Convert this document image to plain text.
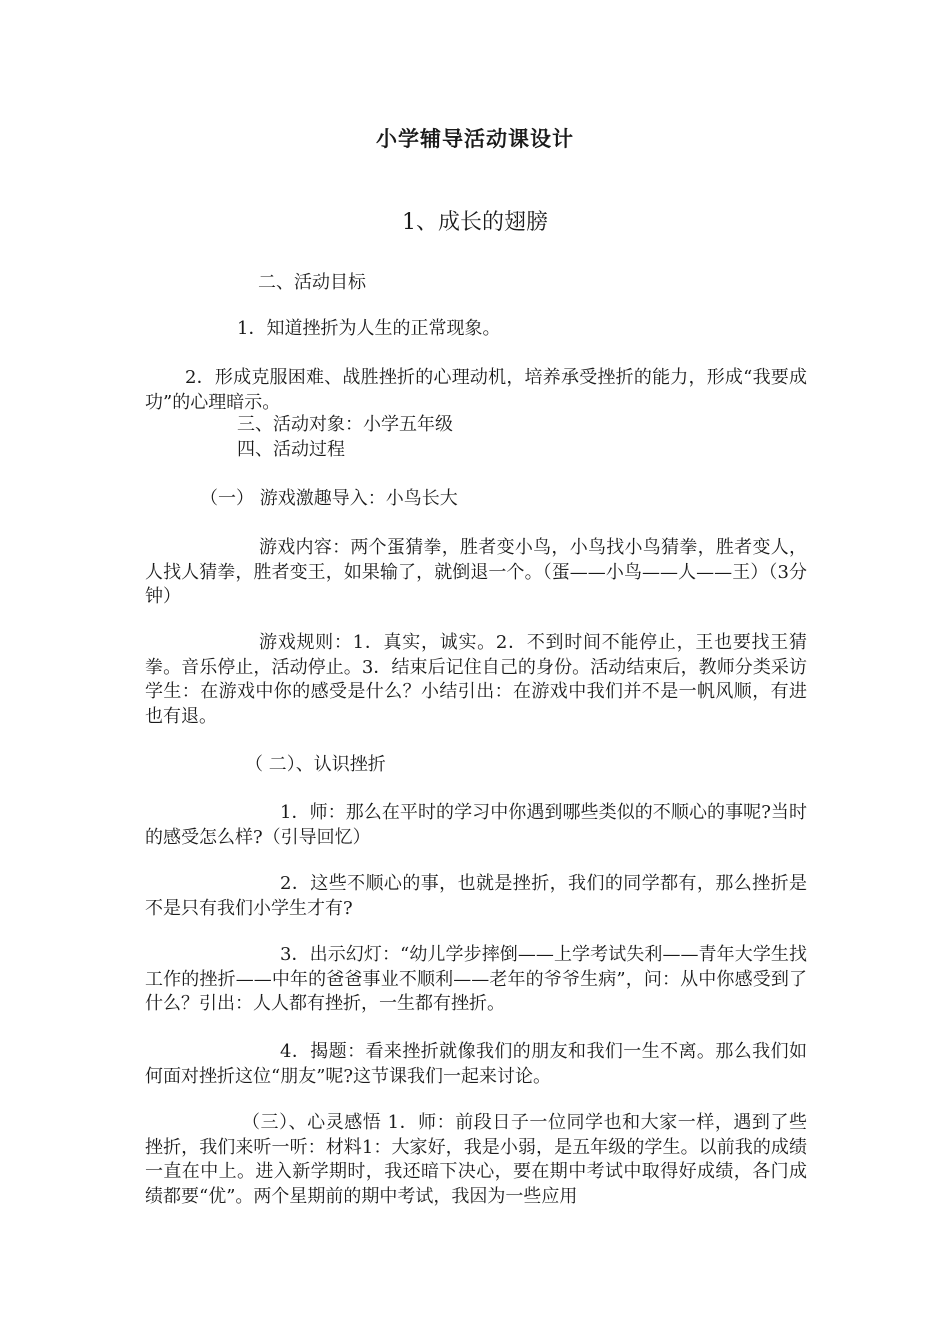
小学辅导活动课设计
1、成长的翅膀
二、活动目标
1．知道挫折为人生的正常现象。
2．形成克服困难、战胜挫折的心理动机，培养承受挫折的能力，形成“我要成功”的心理暗示。
三、活动对象：小学五年级
四、活动过程
（一） 游戏激趣导入：小鸟长大
游戏内容：两个蛋猜拳，胜者变小鸟，小鸟找小鸟猜拳，胜者变人，人找人猜拳，胜者变王，如果输了，就倒退一个。（蛋——小鸟——人——王）（3分钟）
游戏规则：1．真实，诚实。2．不到时间不能停止，王也要找王猜拳。音乐停止，活动停止。3．结束后记住自己的身份。活动结束后，教师分类采访学生：在游戏中你的感受是什么？小结引出：在游戏中我们并不是一帆风顺，有进也有退。
（ 二）、认识挫折
1．师：那么在平时的学习中你遇到哪些类似的不顺心的事呢?当时的感受怎么样?（引导回忆）
2．这些不顺心的事，也就是挫折，我们的同学都有，那么挫折是不是只有我们小学生才有?
3．出示幻灯：“幼儿学步摔倒——上学考试失利——青年大学生找工作的挫折——中年的爸爸事业不顺利——老年的爷爷生病”，问：从中你感受到了什么？引出：人人都有挫折，一生都有挫折。
4．揭题：看来挫折就像我们的朋友和我们一生不离。那么我们如何面对挫折这位“朋友”呢?这节课我们一起来讨论。
（三）、心灵感悟 1．师：前段日子一位同学也和大家一样，遇到了些挫折，我们来听一听：材料1：大家好，我是小弱，是五年级的学生。以前我的成绩一直在中上。进入新学期时，我还暗下决心，要在期中考试中取得好成绩，各门成绩都要“优”。两个星期前的期中考试，我因为一些应用
